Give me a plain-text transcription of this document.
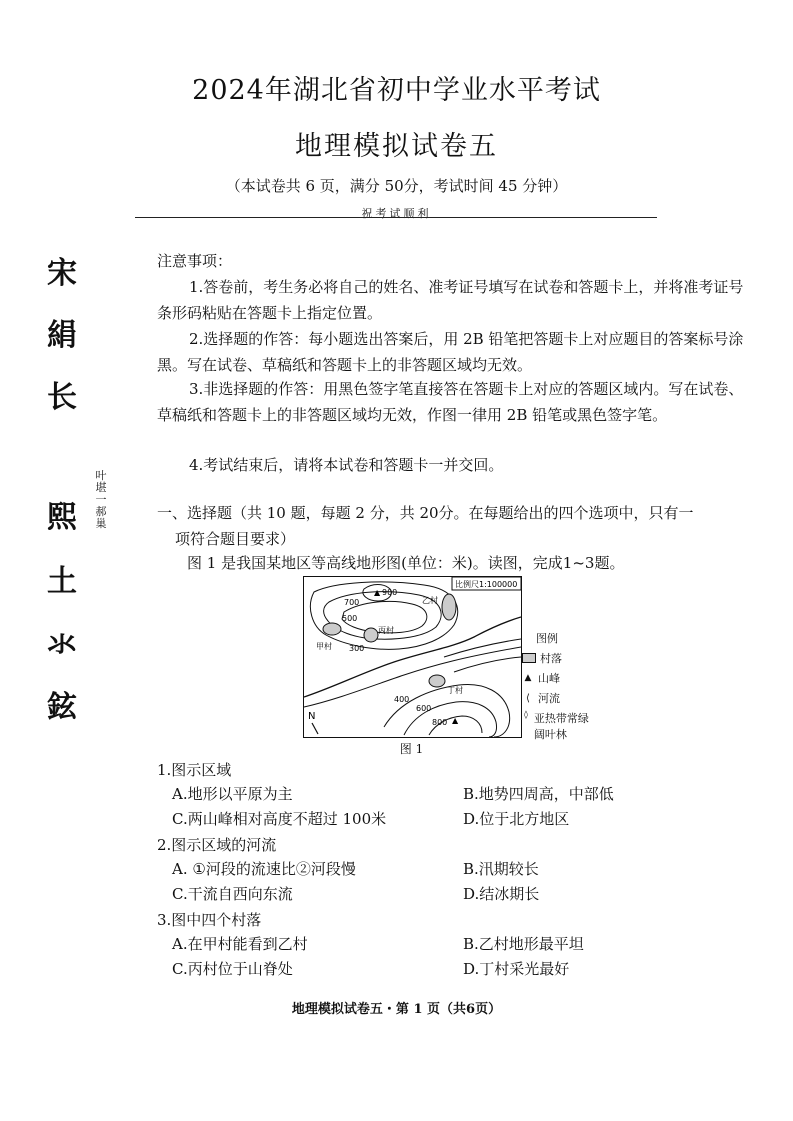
2024年湖北省初中学业水平考试
地理模拟试卷五
（本试卷共 6 页，满分 50分，考试时间 45 分钟）
祝考试顺利
宋
絹
长
熙
土
氺
鉉
叶堪一郝巢
注意事项：
1.答卷前，考生务必将自己的姓名、准考证号填写在试卷和答题卡上，并将准考证号条形码粘贴在答题卡上指定位置。
2.选择题的作答：每小题选出答案后，用 2B 铅笔把答题卡上对应题目的答案标号涂黑。写在试卷、草稿纸和答题卡上的非答题区域均无效。
3.非选择题的作答：用黑色签字笔直接答在答题卡上对应的答题区域内。写在试卷、草稿纸和答题卡上的非答题区域均无效，作图一律用 2B 铅笔或黑色签字笔。
4.考试结束后，请将本试卷和答题卡一并交回。
一、选择题（共 10 题，每题 2 分，共 20分。在每题给出的四个选项中，只有一
项符合题目要求）
图 1 是我国某地区等高线地形图(单位：米)。读图，完成1~3题。
比例尺1:100000
▲
▲
900
700
500
300
400
600
800
甲村
乙村
丙村
丁村
N
图例
村落
▲ 山峰
⟨ 河流
◊ 亚热带常绿阔叶林
图 1
1.图示区域
A.地形以平原为主	B.地势四周高，中部低
C.两山峰相对高度不超过 100米	D.位于北方地区
2.图示区域的河流
A. ①河段的流速比②河段慢	B.汛期较长
C.干流自西向东流	D.结冰期长
3.图中四个村落
A.在甲村能看到乙村	B.乙村地形最平坦
C.丙村位于山脊处	D.丁村采光最好
地理模拟试卷五・第 1 页（共6页）
